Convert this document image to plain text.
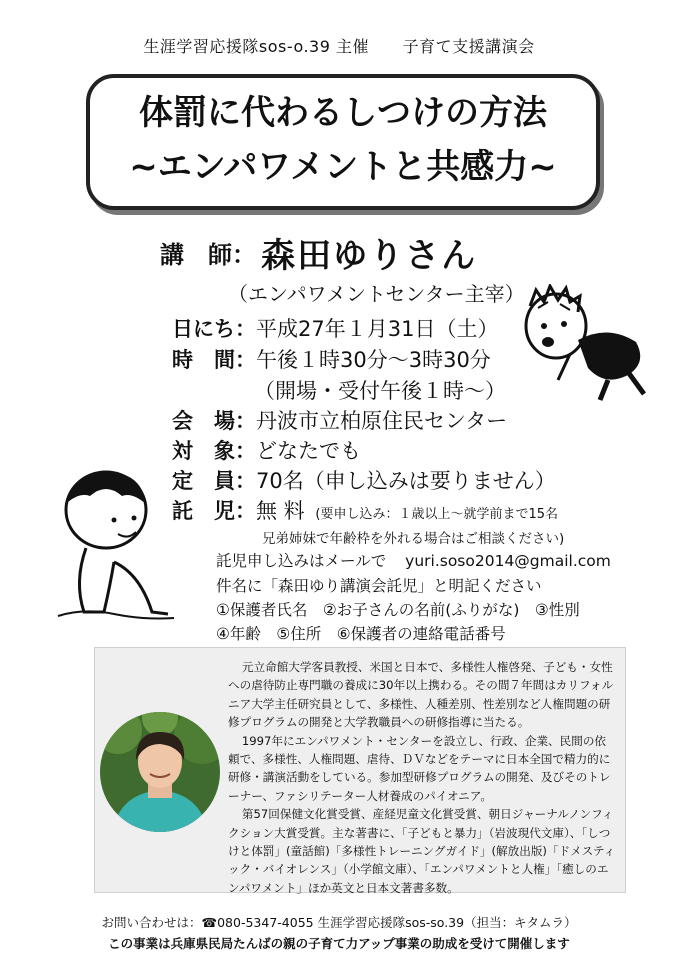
生涯学習応援隊sos-o.39 主催 子育て支援講演会
体罰に代わるしつけの方法
~エンパワメントと共感力~
講　師： 森田ゆりさん
（エンパワメントセンター主宰）
日にち：平成27年１月31日（土）
時　間：午後１時30分〜3時30分
（開場・受付午後１時〜）
会　場：丹波市立柏原住民センター
対　象：どなたでも
定　員：70名（申し込みは要りません）
託　児：無 料 (要申し込み：１歳以上〜就学前まで15名
兄弟姉妹で年齢枠を外れる場合はご相談ください)
託児申し込みはメールで yuri.soso2014@gmail.com
件名に「森田ゆり講演会託児」と明記ください
①保護者氏名　②お子さんの名前(ふりがな)　③性別
④年齢　⑤住所　⑥保護者の連絡電話番号

元立命館大学客員教授、米国と日本で、多様性人権啓発、子ども・女性への虐待防止専門職の養成に30年以上携わる。その間７年間はカリフォルニア大学主任研究員として、多様性、人種差別、性差別など人権問題の研修プログラムの開発と大学教職員への研修指導に当たる。

1997年にエンパワメント・センターを設立し、行政、企業、民間の依頼で、多様性、人権問題、虐待、ＤＶなどをテーマに日本全国で精力的に研修・講演活動をしている。参加型研修プログラムの開発、及びそのトレーナー、ファシリテーター人材養成のパイオニア。

第57回保健文化賞受賞、産経児童文化賞受賞、朝日ジャーナルノンフィクション大賞受賞。主な著書に、「子どもと暴力」（岩波現代文庫）、「しつけと体罰」(童話館)「多様性トレーニングガイド」(解放出版)「ドメスティック・バイオレンス」（小学館文庫）、「エンパワメントと人権」「癒しのエンパワメント」ほか英文と日本文著書多数。

お問い合わせは：☎080-5347-4055 生涯学習応援隊sos-so.39（担当：キタムラ）
この事業は兵庫県民局たんばの親の子育て力アップ事業の助成を受けて開催します
